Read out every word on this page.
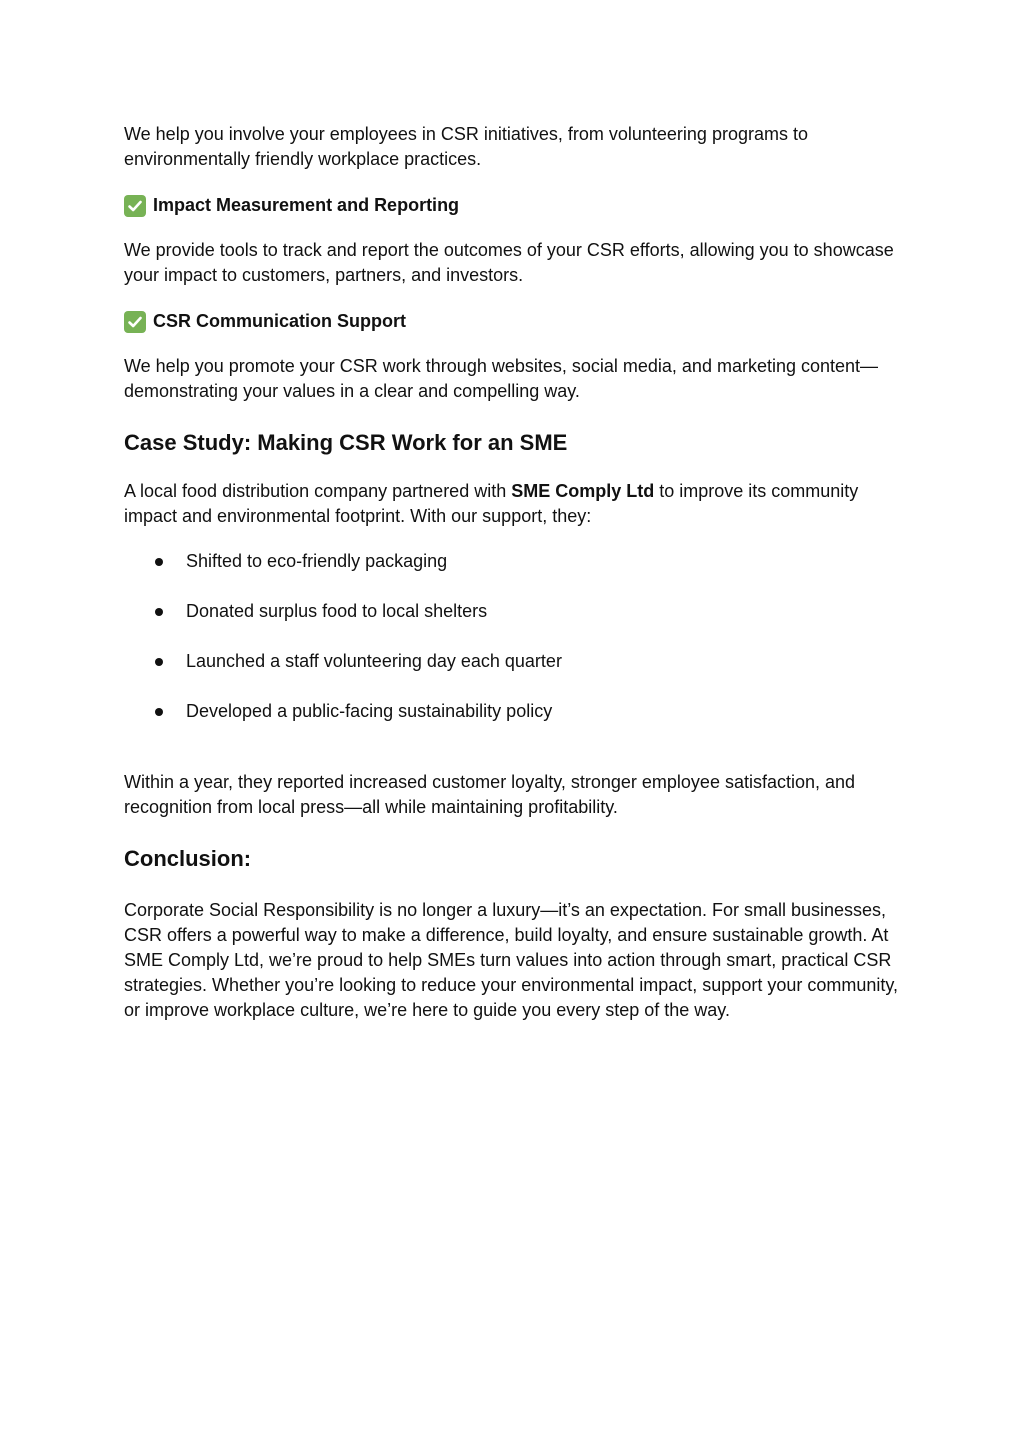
We help you involve your employees in CSR initiatives, from volunteering programs to environmentally friendly workplace practices.

Impact Measurement and Reporting

We provide tools to track and report the outcomes of your CSR efforts, allowing you to showcase your impact to customers, partners, and investors.

CSR Communication Support

We help you promote your CSR work through websites, social media, and marketing content—demonstrating your values in a clear and compelling way.

Case Study: Making CSR Work for an SME

A local food distribution company partnered with SME Comply Ltd to improve its community impact and environmental footprint. With our support, they:

Shifted to eco-friendly packaging
Donated surplus food to local shelters
Launched a staff volunteering day each quarter
Developed a public-facing sustainability policy

Within a year, they reported increased customer loyalty, stronger employee satisfaction, and recognition from local press—all while maintaining profitability.

Conclusion:

Corporate Social Responsibility is no longer a luxury—it’s an expectation. For small businesses, CSR offers a powerful way to make a difference, build loyalty, and ensure sustainable growth. At SME Comply Ltd, we’re proud to help SMEs turn values into action through smart, practical CSR strategies. Whether you’re looking to reduce your environmental impact, support your community, or improve workplace culture, we’re here to guide you every step of the way.
